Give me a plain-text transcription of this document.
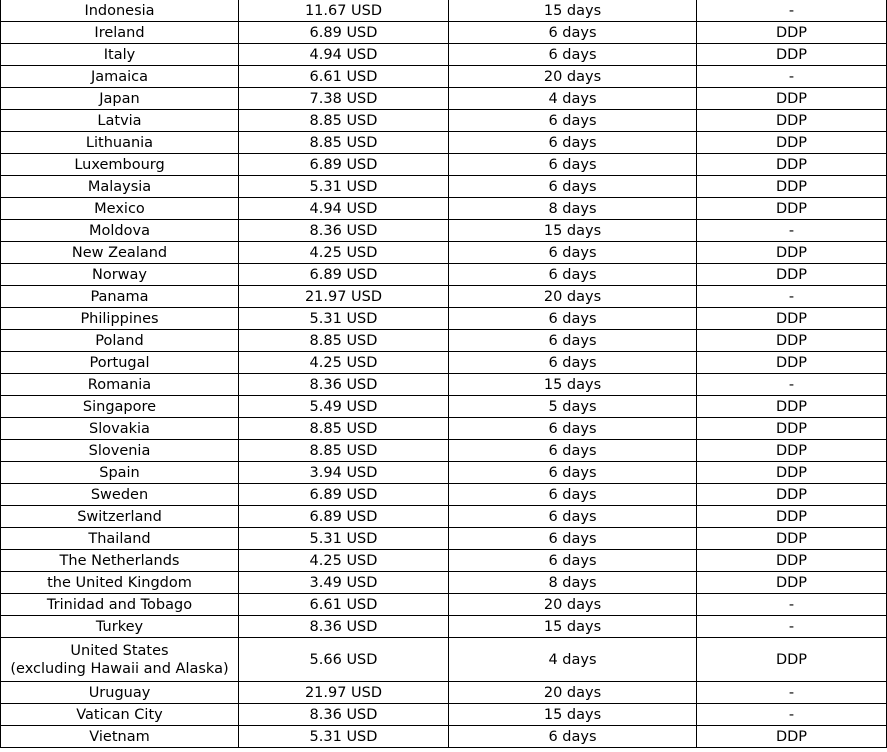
Indonesia	11.67 USD	15 days	-
Ireland	6.89 USD	6 days	DDP
Italy	4.94 USD	6 days	DDP
Jamaica	6.61 USD	20 days	-
Japan	7.38 USD	4 days	DDP
Latvia	8.85 USD	6 days	DDP
Lithuania	8.85 USD	6 days	DDP
Luxembourg	6.89 USD	6 days	DDP
Malaysia	5.31 USD	6 days	DDP
Mexico	4.94 USD	8 days	DDP
Moldova	8.36 USD	15 days	-
New Zealand	4.25 USD	6 days	DDP
Norway	6.89 USD	6 days	DDP
Panama	21.97 USD	20 days	-
Philippines	5.31 USD	6 days	DDP
Poland	8.85 USD	6 days	DDP
Portugal	4.25 USD	6 days	DDP
Romania	8.36 USD	15 days	-
Singapore	5.49 USD	5 days	DDP
Slovakia	8.85 USD	6 days	DDP
Slovenia	8.85 USD	6 days	DDP
Spain	3.94 USD	6 days	DDP
Sweden	6.89 USD	6 days	DDP
Switzerland	6.89 USD	6 days	DDP
Thailand	5.31 USD	6 days	DDP
The Netherlands	4.25 USD	6 days	DDP
the United Kingdom	3.49 USD	8 days	DDP
Trinidad and Tobago	6.61 USD	20 days	-
Turkey	8.36 USD	15 days	-

United States
(excluding Hawaii and Alaska)	5.66 USD	4 days	DDP
Uruguay	21.97 USD	20 days	-
Vatican City	8.36 USD	15 days	-
Vietnam	5.31 USD	6 days	DDP
